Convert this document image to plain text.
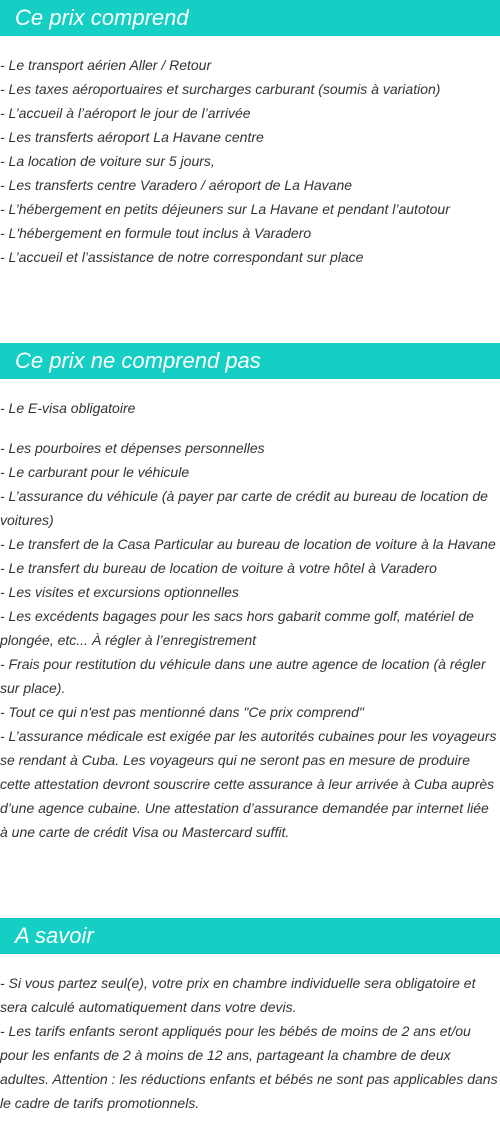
Ce prix comprend
- Le transport aérien Aller / Retour
- Les taxes aéroportuaires et surcharges carburant (soumis à variation)
- L’accueil à l’aéroport le jour de l’arrivée
- Les transferts aéroport La Havane centre
- La location de voiture sur 5 jours,
- Les transferts centre Varadero / aéroport de La Havane
- L’hébergement en petits déjeuners sur La Havane et pendant l’autotour
- L'hébergement en formule tout inclus à Varadero
- L’accueil et l’assistance de notre correspondant sur place
Ce prix ne comprend pas
- Le E-visa obligatoire
- Les pourboires et dépenses personnelles
- Le carburant pour le véhicule
- L’assurance du véhicule (à payer par carte de crédit au bureau de location de voitures)
- Le transfert de la Casa Particular au bureau de location de voiture à la Havane
- Le transfert du bureau de location de voiture à votre hôtel à Varadero
- Les visites et excursions optionnelles
- Les excédents bagages pour les sacs hors gabarit comme golf, matériel de plongée, etc... À régler à l’enregistrement
- Frais pour restitution du véhicule dans une autre agence de location (à régler sur place).
- Tout ce qui n'est pas mentionné dans "Ce prix comprend"
- L’assurance médicale est exigée par les autorités cubaines pour les voyageurs se rendant à Cuba. Les voyageurs qui ne seront pas en mesure de produire cette attestation devront souscrire cette assurance à leur arrivée à Cuba auprès d’une agence cubaine. Une attestation d’assurance demandée par internet liée à une carte de crédit Visa ou Mastercard suffit.
A savoir
- Si vous partez seul(e), votre prix en chambre individuelle sera obligatoire et sera calculé automatiquement dans votre devis.
- Les tarifs enfants seront appliqués pour les bébés de moins de 2 ans et/ou pour les enfants de 2 à moins de 12 ans, partageant la chambre de deux adultes. Attention : les réductions enfants et bébés ne sont pas applicables dans le cadre de tarifs promotionnels.
